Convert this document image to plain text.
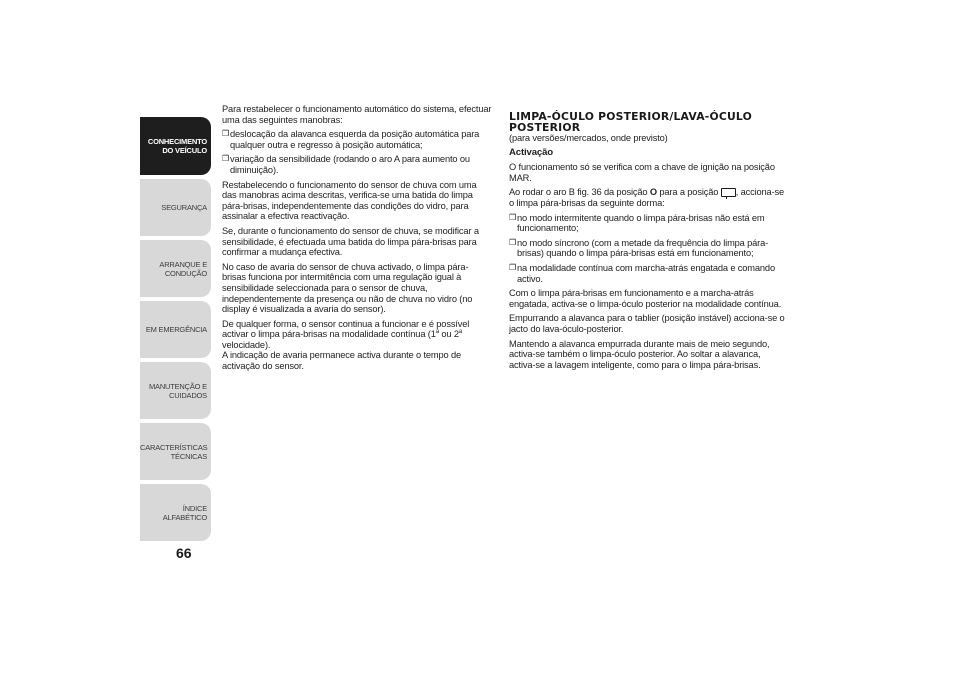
CONHECIMENTO
DO VEÍCULO
SEGURANÇA
ARRANQUE E
CONDUÇÃO
EM EMERGÊNCIA
MANUTENÇÃO E
CUIDADOS
CARACTERÍSTICAS
TÉCNICAS
ÍNDICE ALFABÉTICO
66

Para restabelecer o funcionamento automático do sistema, efectuar uma das seguintes manobras:

❒ deslocação da alavanca esquerda da posição automática para qualquer outra e regresso à posição automática;
❒ variação da sensibilidade (rodando o aro A para aumento ou diminuição).

Restabelecendo o funcionamento do sensor de chuva com uma das manobras acima descritas, verifica-se uma batida do limpa pára-brisas, independentemente das condições do vidro, para assinalar a efectiva reactivação.

Se, durante o funcionamento do sensor de chuva, se modificar a sensibilidade, é efectuada uma batida do limpa pára-brisas para confirmar a mudança efectiva.

No caso de avaria do sensor de chuva activado, o limpa pára-brisas funciona por intermitência com uma regulação igual à sensibilidade seleccionada para o sensor de chuva, independentemente da presença ou não de chuva no vidro (no display é visualizada a avaria do sensor).

De qualquer forma, o sensor continua a funcionar e é possível activar o limpa pára-brisas na modalidade contínua (1$^a$ ou 2$^a$ velocidade).

A indicação de avaria permanece activa durante o tempo de activação do sensor.

LIMPA-ÓCULO POSTERIOR/LAVA-ÓCULO POSTERIOR

(para versões/mercados, onde previsto)

Activação

O funcionamento só se verifica com a chave de ignição na posição MAR.

Ao rodar o aro B fig. 36 da posição O para a posição , acciona-se o limpa pára-brisas da seguinte dorma:

❒ no modo intermitente quando o limpa pára-brisas não está em funcionamento;
❒ no modo síncrono (com a metade da frequência do limpa pára-brisas) quando o limpa pára-brisas está em funcionamento;
❒ na modalidade contínua com marcha-atrás engatada e comando activo.

Com o limpa pára-brisas em funcionamento e a marcha-atrás engatada, activa-se o limpa-óculo posterior na modalidade contínua.

Empurrando a alavanca para o tablier (posição instável) acciona-se o jacto do lava-óculo-posterior.

Mantendo a alavanca empurrada durante mais de meio segundo, activa-se também o limpa-óculo posterior. Ao soltar a alavanca, activa-se a lavagem inteligente, como para o limpa pára-brisas.
